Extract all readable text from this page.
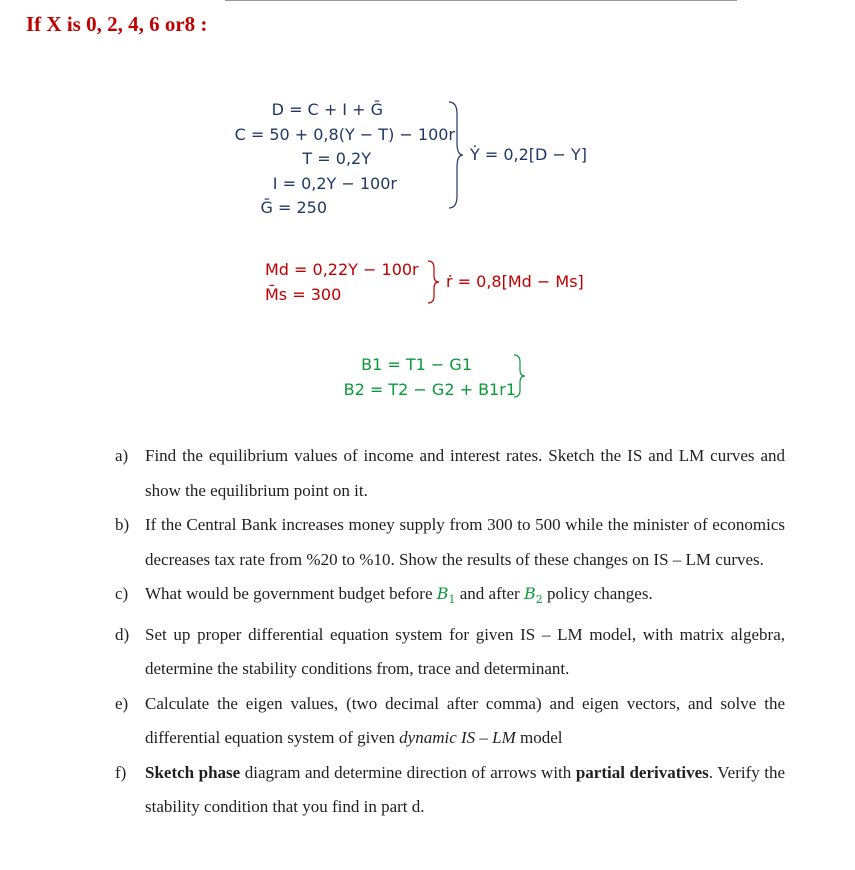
If X is 0, 2, 4, 6 or8 :
D = C + I + Ḡ
C = 50 + 0,8(Y − T) − 100r
T = 0,2Y
I = 0,2Y − 100r
Ḡ = 250
Ẏ = 0,2[D − Y]
Md = 0,22Y − 100r
M̄s = 300
ṙ = 0,8[Md − Ms]
B1 = T1 − G1
B2 = T2 − G2 + B1r1
a) Find the equilibrium values of income and interest rates. Sketch the IS and LM curves and show the equilibrium point on it.
b) If the Central Bank increases money supply from 300 to 500 while the minister of economics decreases tax rate from %20 to %10. Show the results of these changes on IS – LM curves.
c) What would be government budget before $B_1$ and after $B_2$ policy changes.
d) Set up proper differential equation system for given IS – LM model, with matrix algebra, determine the stability conditions from, trace and determinant.
e) Calculate the eigen values, (two decimal after comma) and eigen vectors, and solve the differential equation system of given dynamic IS – LM model
f)	Sketch phase diagram and determine direction of arrows with partial derivatives. Verify the stability condition that you find in part d.
